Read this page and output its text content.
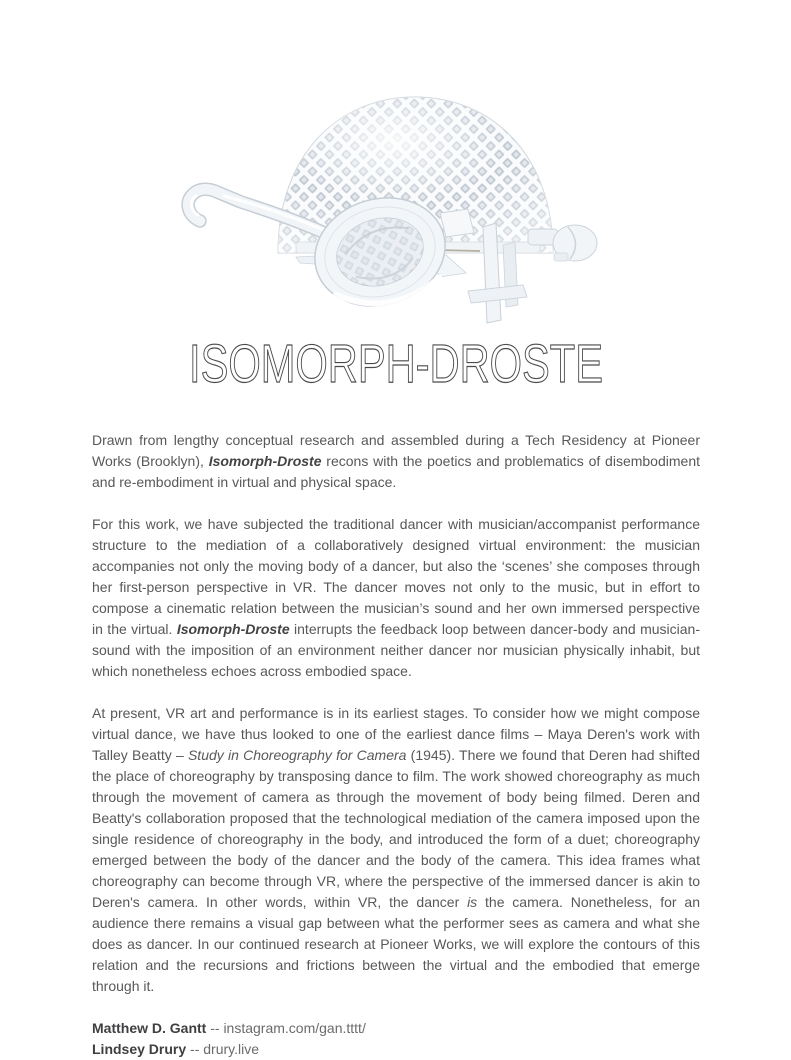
ISOMORPH-DROSTE

Drawn from lengthy conceptual research and assembled during a Tech Residency at Pioneer Works (Brooklyn), Isomorph-Droste recons with the poetics and problematics of disembodiment and re-embodiment in virtual and physical space.

For this work, we have subjected the traditional dancer with musician/accompanist performance structure to the mediation of a collaboratively designed virtual environment: the musician accompanies not only the moving body of a dancer, but also the ‘scenes’ she composes through her first-person perspective in VR. The dancer moves not only to the music, but in effort to compose a cinematic relation between the musician’s sound and her own immersed perspective in the virtual. Isomorph-Droste interrupts the feedback loop between dancer-body and musician-sound with the imposition of an environment neither dancer nor musician physically inhabit, but which nonetheless echoes across embodied space.

At present, VR art and performance is in its earliest stages. To consider how we might compose virtual dance, we have thus looked to one of the earliest dance films – Maya Deren's work with Talley Beatty – Study in Choreography for Camera (1945). There we found that Deren had shifted the place of choreography by transposing dance to film. The work showed choreography as much through the movement of camera as through the movement of body being filmed. Deren and Beatty's collaboration proposed that the technological mediation of the camera imposed upon the single residence of choreography in the body, and introduced the form of a duet; choreography emerged between the body of the dancer and the body of the camera. This idea frames what choreography can become through VR, where the perspective of the immersed dancer is akin to Deren's camera. In other words, within VR, the dancer is the camera. Nonetheless, for an audience there remains a visual gap between what the performer sees as camera and what she does as dancer. In our continued research at Pioneer Works, we will explore the contours of this relation and the recursions and frictions between the virtual and the embodied that emerge through it.

Matthew D. Gantt -- instagram.com/gan.tttt/
Lindsey Drury -- drury.live
